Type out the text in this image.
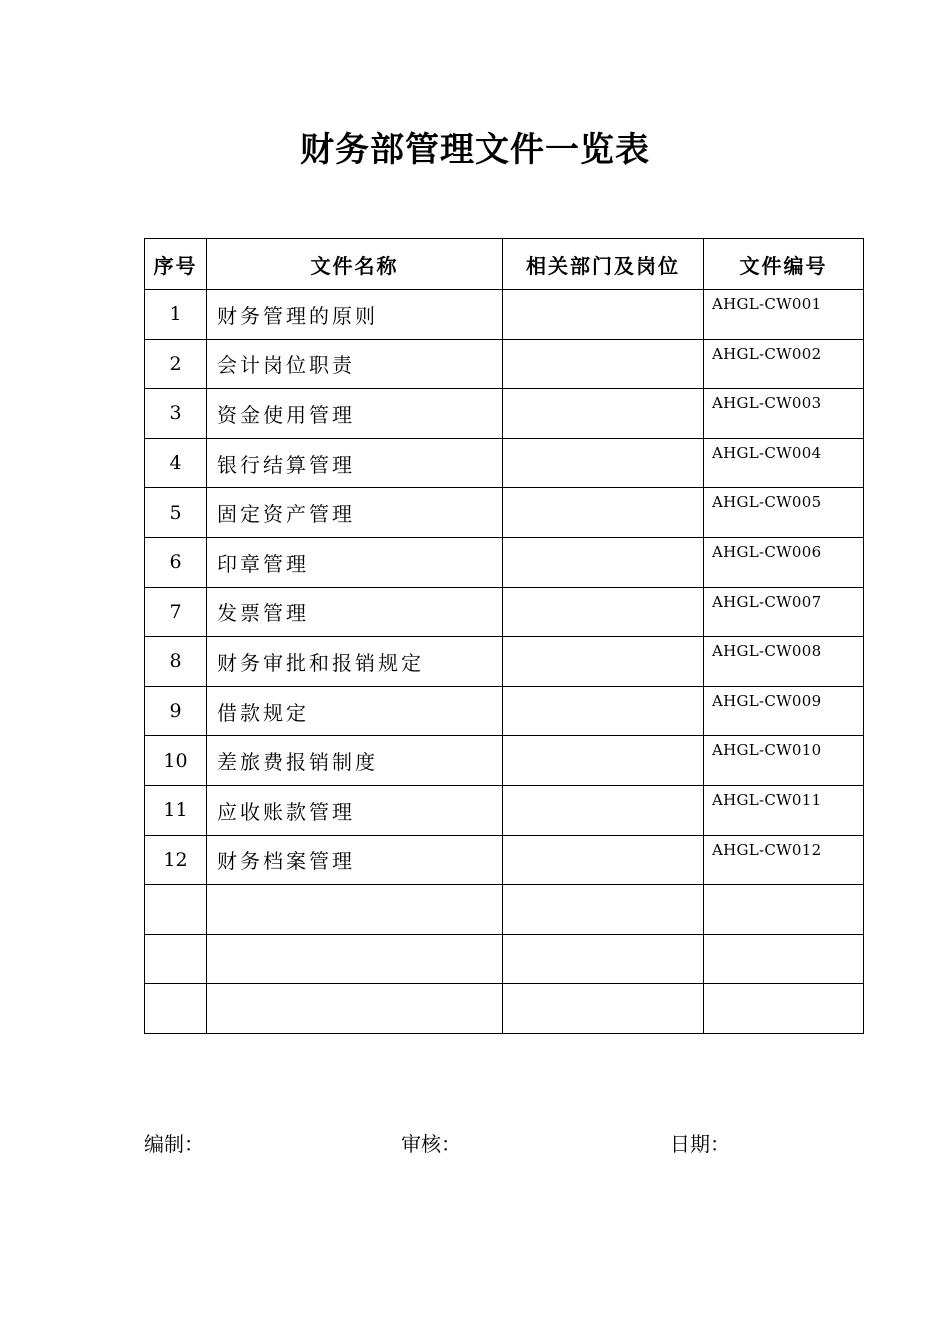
财务部管理文件一览表
序号	文件名称	相关部门及岗位	文件编号
1	财务管理的原则		AHGL-CW001
2	会计岗位职责		AHGL-CW002
3	资金使用管理		AHGL-CW003
4	银行结算管理		AHGL-CW004
5	固定资产管理		AHGL-CW005
6	印章管理		AHGL-CW006
7	发票管理		AHGL-CW007
8	财务审批和报销规定		AHGL-CW008
9	借款规定		AHGL-CW009
10	差旅费报销制度		AHGL-CW010
11	应收账款管理		AHGL-CW011
12	财务档案管理		AHGL-CW012

编制：	审核：	日期：
